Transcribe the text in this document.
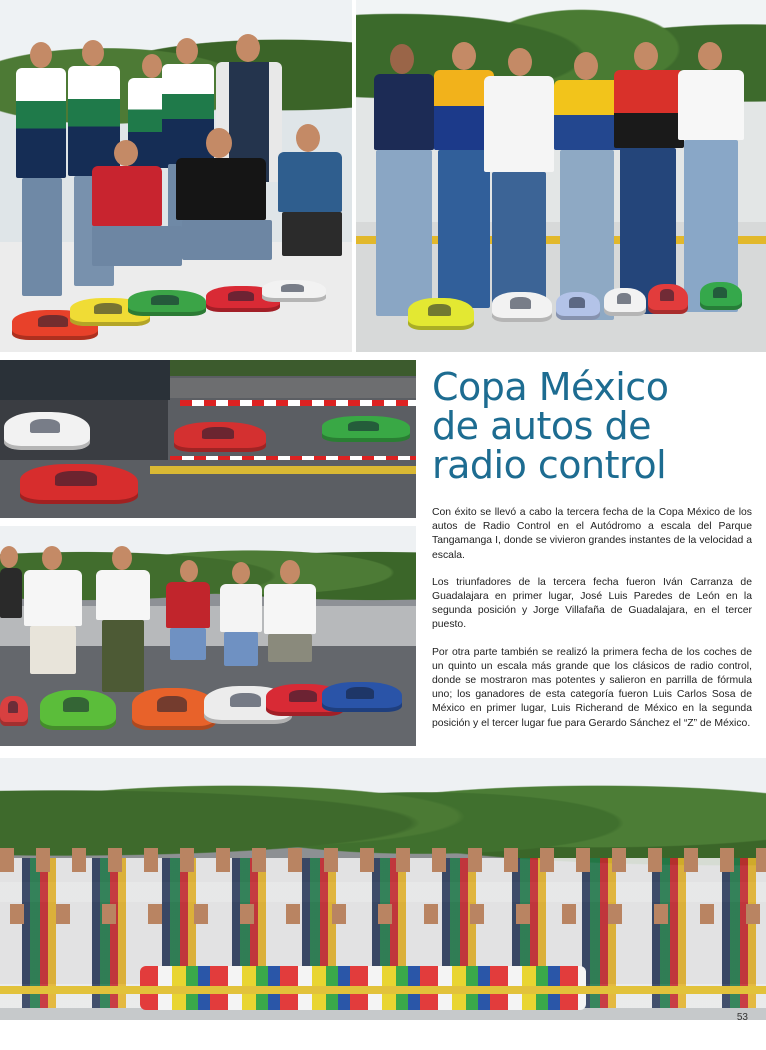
Copa México
de autos de
radio control

Con éxito se llevó a cabo la tercera fecha de la Copa México de los autos de Radio Control en el Autódromo a escala del Parque Tangamanga I, donde se vivieron grandes instantes de la velocidad a escala.

Los triunfadores de la tercera fecha fueron Iván Carranza de Guadalajara en primer lugar, José Luis Paredes de León en la segunda posición y Jorge Villafaña de Guadalajara, en el tercer puesto.

Por otra parte también se realizó la primera fecha de los coches de un quinto un escala más grande que los clásicos de radio control, donde se mostraron mas potentes y salieron en parrilla de fórmula uno; los ganadores de esta categoría fueron Luis Carlos Sosa de México en primer lugar, Luis Richerand de México en la segunda posición y el tercer lugar fue para Gerardo Sánchez el “Z” de México.

53
